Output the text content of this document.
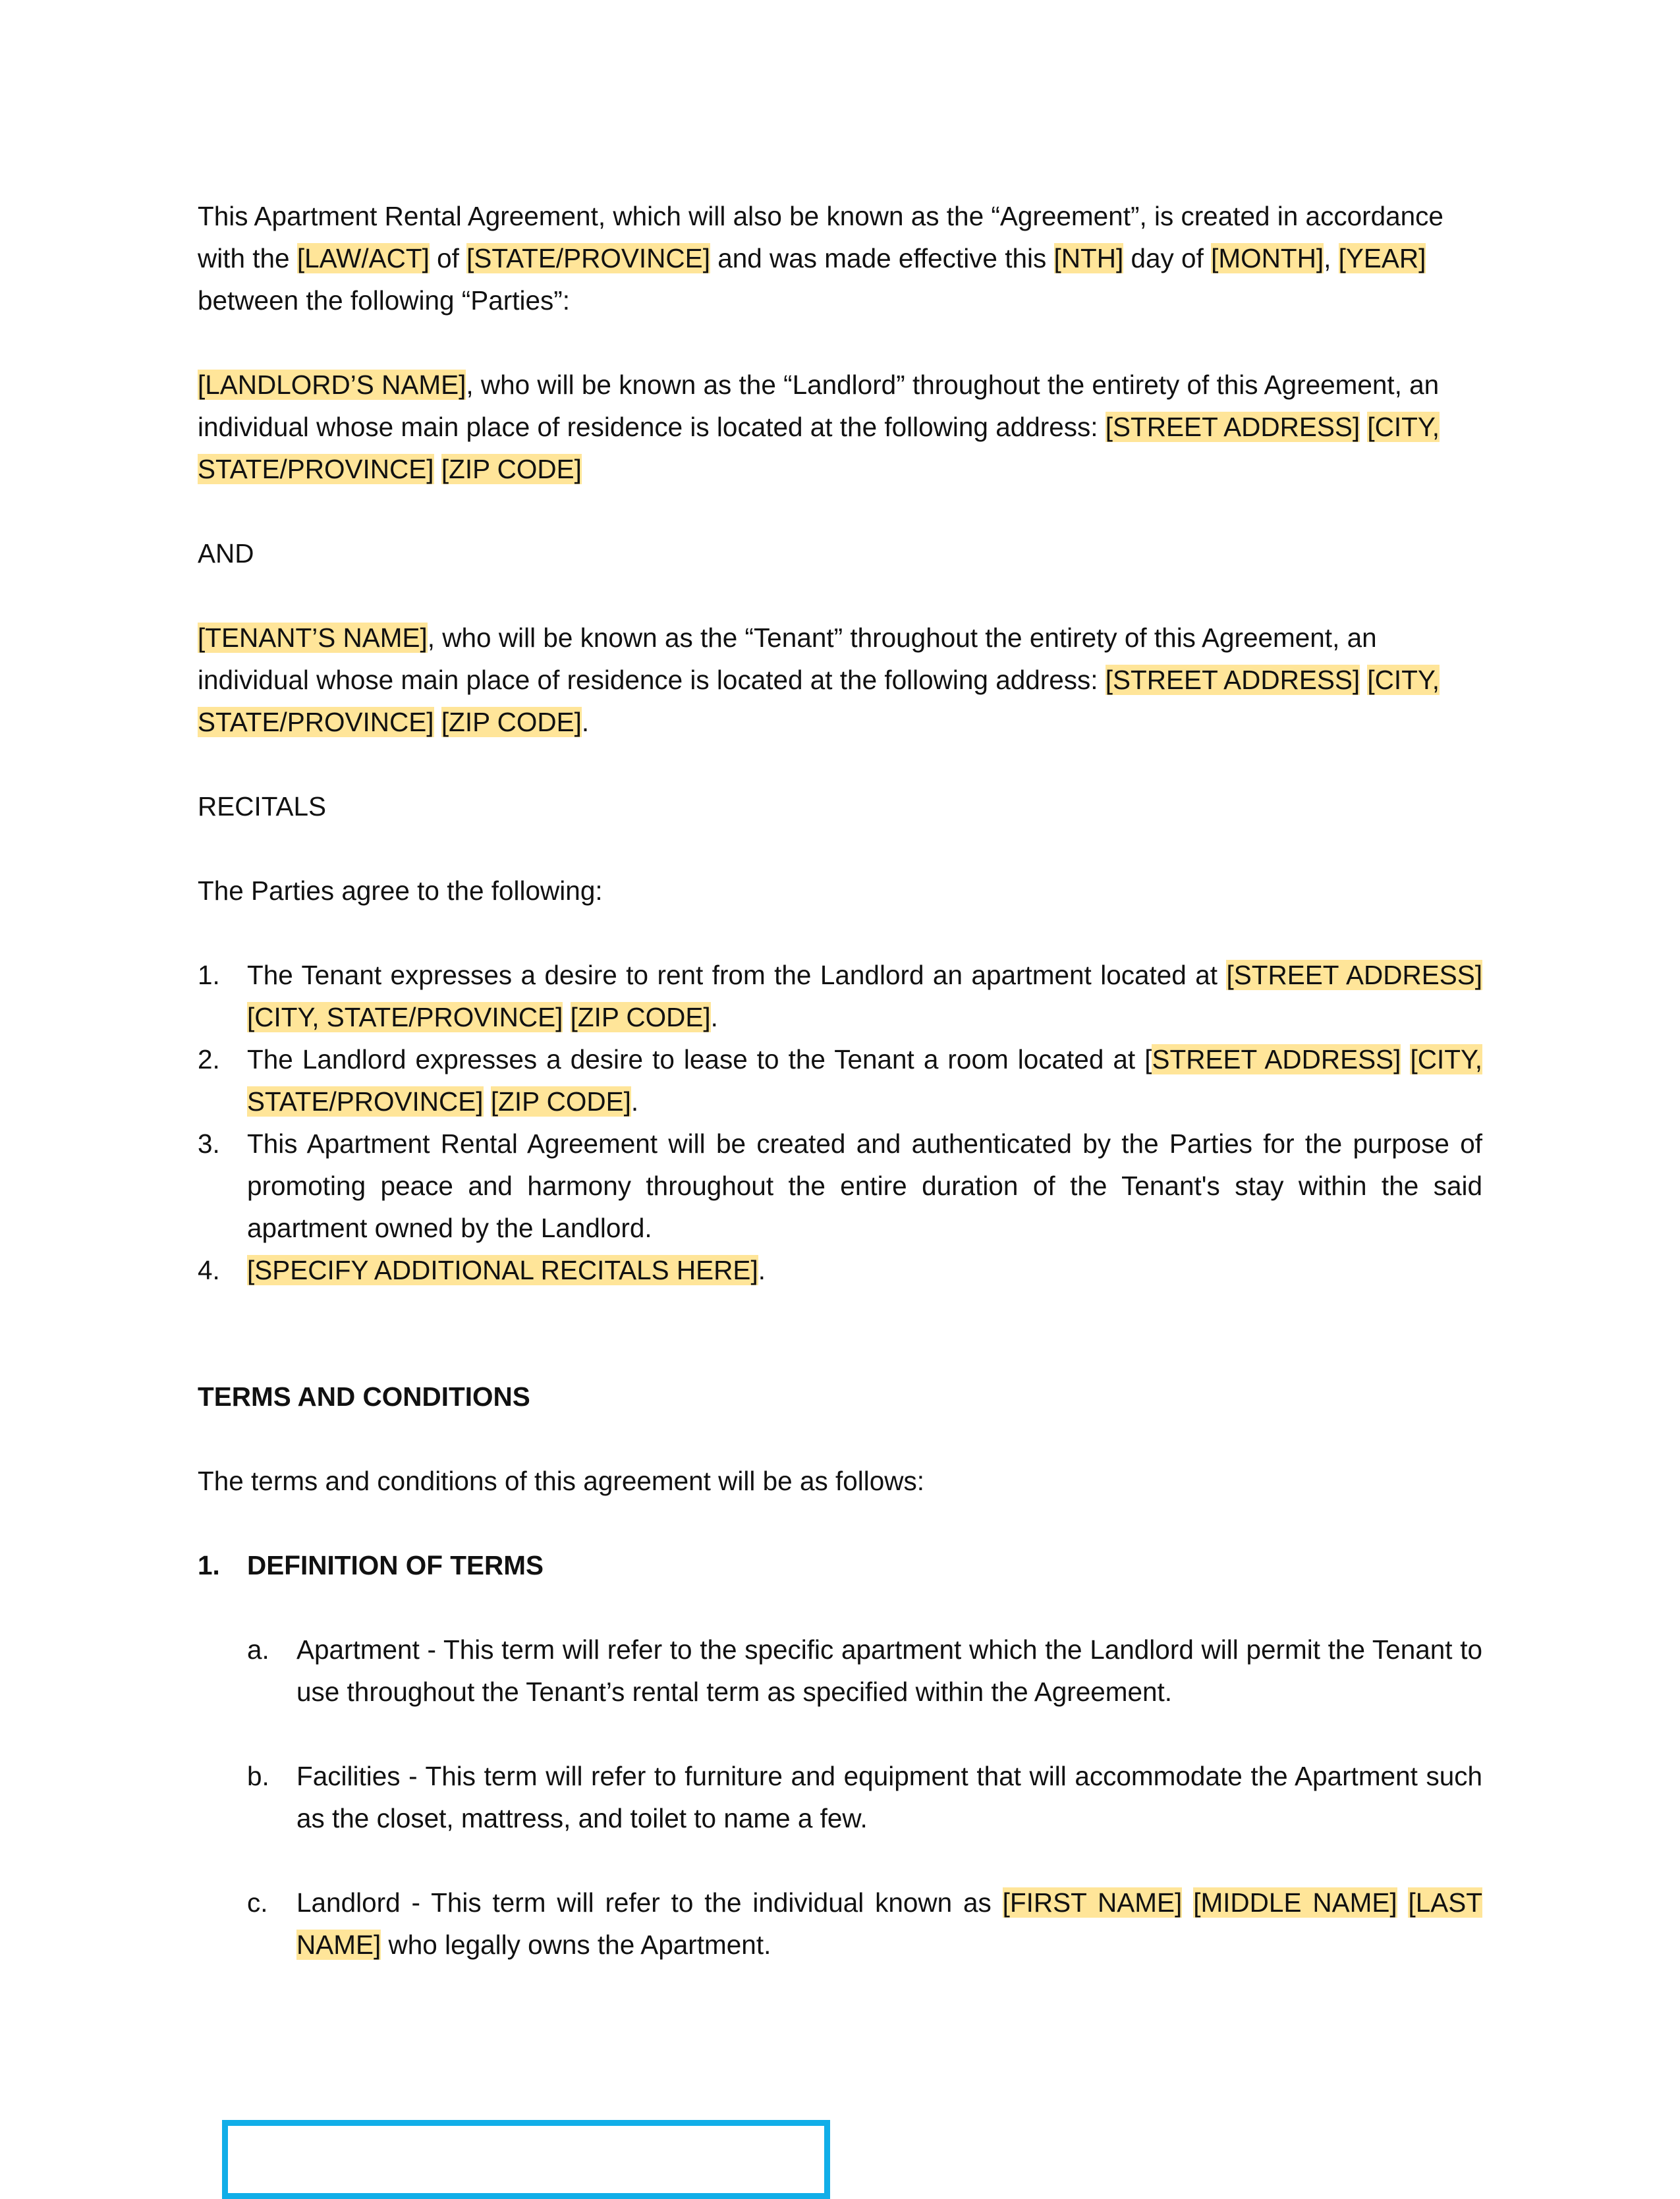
This Apartment Rental Agreement, which will also be known as the “Agreement”, is created in accordance with the [LAW/ACT] of [STATE/PROVINCE] and was made effective this [NTH] day of [MONTH], [YEAR] between the following “Parties”:

[LANDLORD’S NAME], who will be known as the “Landlord” throughout the entirety of this Agreement, an individual whose main place of residence is located at the following address: [STREET ADDRESS] [CITY, STATE/PROVINCE] [ZIP CODE]

AND

[TENANT’S NAME], who will be known as the “Tenant” throughout the entirety of this Agreement, an individual whose main place of residence is located at the following address: [STREET ADDRESS] [CITY, STATE/PROVINCE] [ZIP CODE].

RECITALS

The Parties agree to the following:

1. The Tenant expresses a desire to rent from the Landlord an apartment located at [STREET ADDRESS] [CITY, STATE/PROVINCE] [ZIP CODE].
2. The Landlord expresses a desire to lease to the Tenant a room located at [STREET ADDRESS] [CITY, STATE/PROVINCE] [ZIP CODE].
3. This Apartment Rental Agreement will be created and authenticated by the Parties for the purpose of promoting peace and harmony throughout the entire duration of the Tenant's stay within the said apartment owned by the Landlord.
4. [SPECIFY ADDITIONAL RECITALS HERE].

TERMS AND CONDITIONS

The terms and conditions of this agreement will be as follows:

1. DEFINITION OF TERMS

a. Apartment - This term will refer to the specific apartment which the Landlord will permit the Tenant to use throughout the Tenant’s rental term as specified within the Agreement.
b. Facilities - This term will refer to furniture and equipment that will accommodate the Apartment such as the closet, mattress, and toilet to name a few.
c. Landlord - This term will refer to the individual known as [FIRST NAME] [MIDDLE NAME] [LAST NAME] who legally owns the Apartment.
